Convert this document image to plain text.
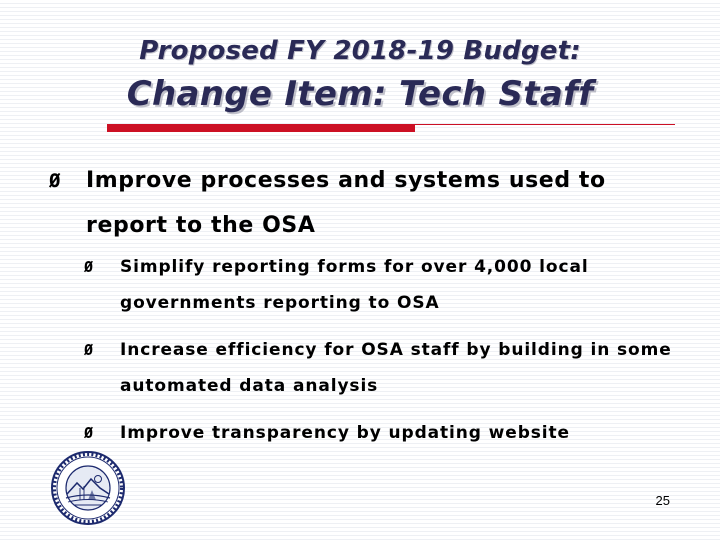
Proposed FY 2018-19 Budget:
Change Item: Tech Staff
Ø Improve processes and systems used to report to the OSA
Ø Simplify reporting forms for over 4,000 local governments reporting to OSA
Ø Increase efficiency for OSA staff by building in some automated data analysis
Ø Improve transparency by updating website
25
